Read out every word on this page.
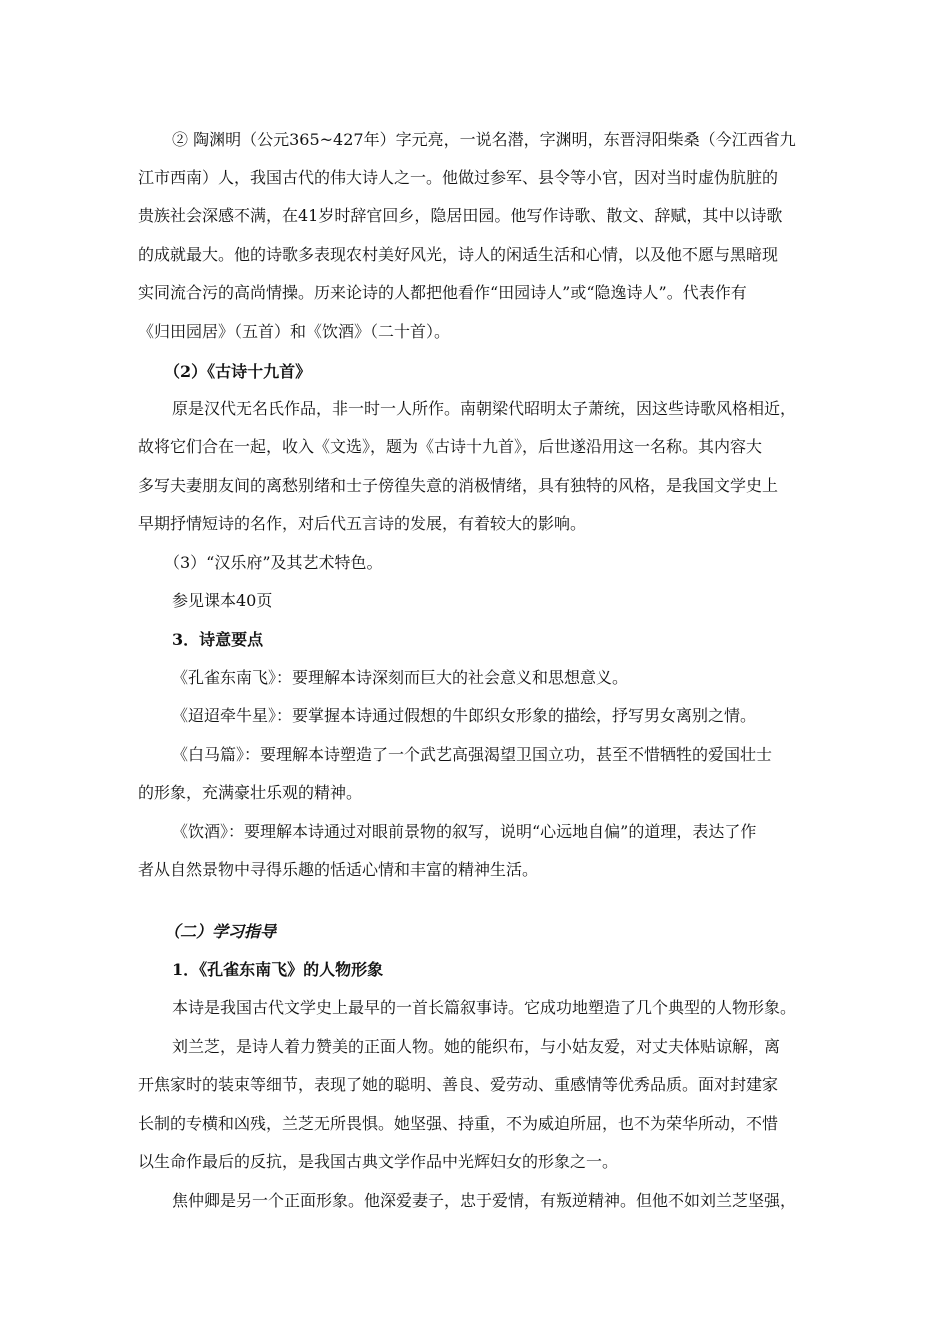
② 陶渊明（公元365~427年）字元亮，一说名潜，字渊明，东晋浔阳柴桑（今江西省九

江市西南）人，我国古代的伟大诗人之一。他做过参军、县令等小官，因对当时虚伪肮脏的

贵族社会深感不满，在41岁时辞官回乡，隐居田园。他写作诗歌、散文、辞赋，其中以诗歌

的成就最大。他的诗歌多表现农村美好风光，诗人的闲适生活和心情，以及他不愿与黑暗现

实同流合污的高尚情操。历来论诗的人都把他看作“田园诗人”或“隐逸诗人”。代表作有

《归田园居》（五首）和《饮酒》（二十首）。

（2）《古诗十九首》

原是汉代无名氏作品，非一时一人所作。南朝梁代昭明太子萧统，因这些诗歌风格相近，

故将它们合在一起，收入《文选》，题为《古诗十九首》，后世遂沿用这一名称。其内容大

多写夫妻朋友间的离愁别绪和士子傍徨失意的消极情绪，具有独特的风格，是我国文学史上

早期抒情短诗的名作，对后代五言诗的发展，有着较大的影响。

（3）“汉乐府”及其艺术特色。

参见课本40页

3．诗意要点

《孔雀东南飞》：要理解本诗深刻而巨大的社会意义和思想意义。

《迢迢牵牛星》：要掌握本诗通过假想的牛郎织女形象的描绘，抒写男女离别之情。

《白马篇》：要理解本诗塑造了一个武艺高强渴望卫国立功，甚至不惜牺牲的爱国壮士

的形象，充满豪壮乐观的精神。

《饮酒》：要理解本诗通过对眼前景物的叙写，说明“心远地自偏”的道理，表达了作

者从自然景物中寻得乐趣的恬适心情和丰富的精神生活。

（二）学习指导

1．《孔雀东南飞》的人物形象

本诗是我国古代文学史上最早的一首长篇叙事诗。它成功地塑造了几个典型的人物形象。

刘兰芝，是诗人着力赞美的正面人物。她的能织布，与小姑友爱，对丈夫体贴谅解，离

开焦家时的装束等细节，表现了她的聪明、善良、爱劳动、重感情等优秀品质。面对封建家

长制的专横和凶残，兰芝无所畏惧。她坚强、持重，不为威迫所屈，也不为荣华所动，不惜

以生命作最后的反抗，是我国古典文学作品中光辉妇女的形象之一。

焦仲卿是另一个正面形象。他深爱妻子，忠于爱情，有叛逆精神。但他不如刘兰芝坚强，
